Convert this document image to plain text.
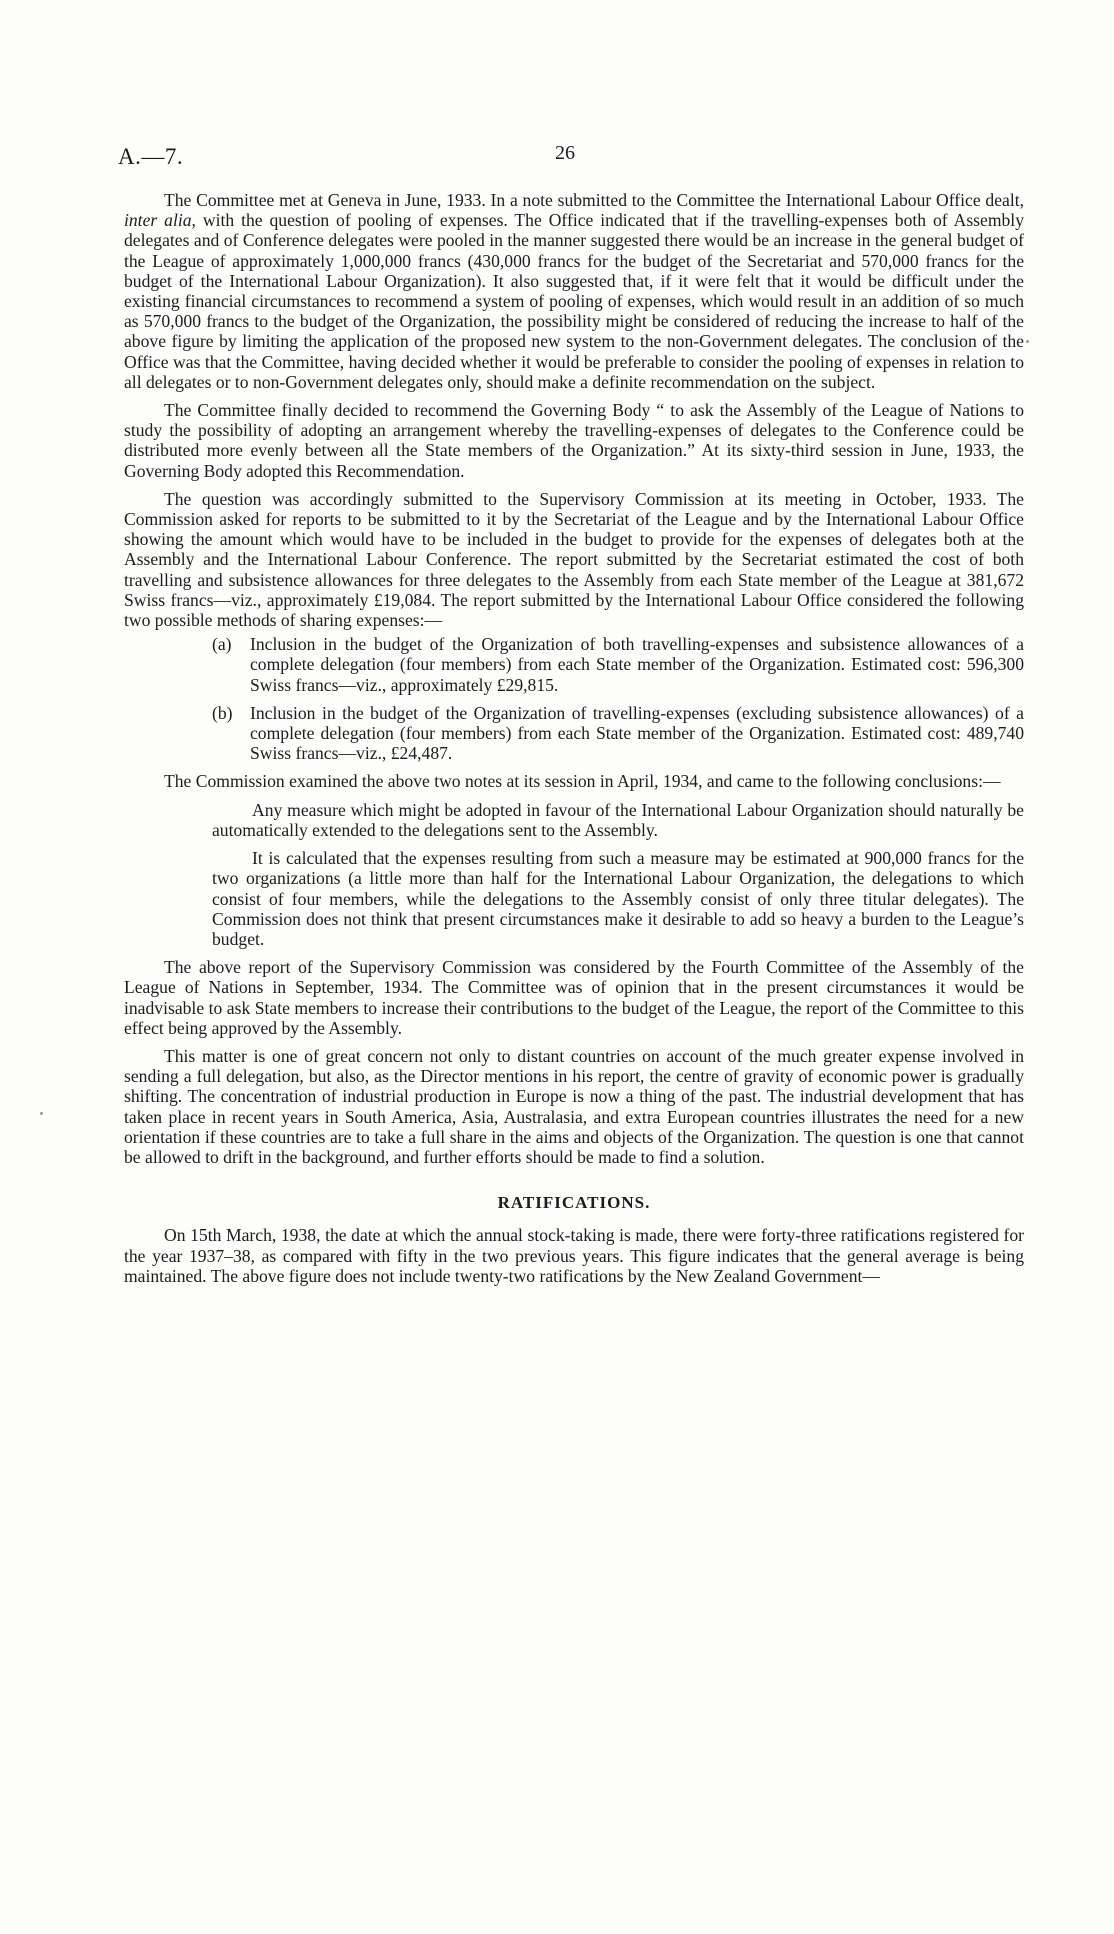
A.—7.	26

The Committee met at Geneva in June, 1933. In a note submitted to the Committee the International Labour Office dealt, inter alia, with the question of pooling of expenses. The Office indicated that if the travelling-expenses both of Assembly delegates and of Conference delegates were pooled in the manner suggested there would be an increase in the general budget of the League of approximately 1,000,000 francs (430,000 francs for the budget of the Secretariat and 570,000 francs for the budget of the International Labour Organization). It also suggested that, if it were felt that it would be difficult under the existing financial circumstances to recommend a system of pooling of expenses, which would result in an addition of so much as 570,000 francs to the budget of the Organization, the possibility might be considered of reducing the increase to half of the above figure by limiting the application of the proposed new system to the non-Government delegates. The conclusion of the Office was that the Committee, having decided whether it would be preferable to consider the pooling of expenses in relation to all delegates or to non-Government delegates only, should make a definite recommendation on the subject.

The Committee finally decided to recommend the Governing Body “ to ask the Assembly of the League of Nations to study the possibility of adopting an arrangement whereby the travelling-expenses of delegates to the Conference could be distributed more evenly between all the State members of the Organization.” At its sixty-third session in June, 1933, the Governing Body adopted this Recommendation.

The question was accordingly submitted to the Supervisory Commission at its meeting in October, 1933. The Commission asked for reports to be submitted to it by the Secretariat of the League and by the International Labour Office showing the amount which would have to be included in the budget to provide for the expenses of delegates both at the Assembly and the International Labour Conference. The report submitted by the Secretariat estimated the cost of both travelling and subsistence allowances for three delegates to the Assembly from each State member of the League at 381,672 Swiss francs—viz., approximately £19,084. The report submitted by the International Labour Office considered the following two possible methods of sharing expenses:—

(a)	Inclusion in the budget of the Organization of both travelling-expenses and subsistence allowances of a complete delegation (four members) from each State member of the Organization. Estimated cost: 596,300 Swiss francs—viz., approximately £29,815.
(b) Inclusion in the budget of the Organization of travelling-expenses (excluding subsistence allowances) of a complete delegation (four members) from each State member of the Organization. Estimated cost: 489,740 Swiss francs—viz., £24,487.

The Commission examined the above two notes at its session in April, 1934, and came to the following conclusions:—

Any measure which might be adopted in favour of the International Labour Organization should naturally be automatically extended to the delegations sent to the Assembly.
It is calculated that the expenses resulting from such a measure may be estimated at 900,000 francs for the two organizations (a little more than half for the International Labour Organization, the delegations to which consist of four members, while the delegations to the Assembly consist of only three titular delegates). The Commission does not think that present circumstances make it desirable to add so heavy a burden to the League’s budget.

The above report of the Supervisory Commission was considered by the Fourth Committee of the Assembly of the League of Nations in September, 1934. The Committee was of opinion that in the present circumstances it would be inadvisable to ask State members to increase their contributions to the budget of the League, the report of the Committee to this effect being approved by the Assembly.

This matter is one of great concern not only to distant countries on account of the much greater expense involved in sending a full delegation, but also, as the Director mentions in his report, the centre of gravity of economic power is gradually shifting. The concentration of industrial production in Europe is now a thing of the past. The industrial development that has taken place in recent years in South America, Asia, Australasia, and extra European countries illustrates the need for a new orientation if these countries are to take a full share in the aims and objects of the Organization. The question is one that cannot be allowed to drift in the background, and further efforts should be made to find a solution.

RATIFICATIONS.

On 15th March, 1938, the date at which the annual stock-taking is made, there were forty-three ratifications registered for the year 1937–38, as compared with fifty in the two previous years. This figure indicates that the general average is being maintained. The above figure does not include twenty-two ratifications by the New Zealand Government—
